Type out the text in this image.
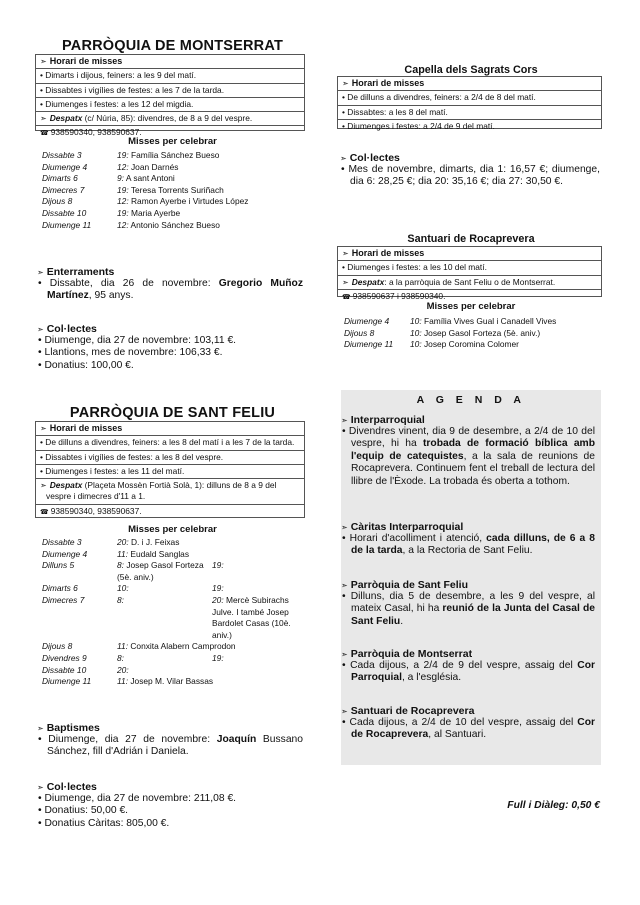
PARRÒQUIA DE MONTSERRAT
➣ Horari de misses
• Dimarts i dijous, feiners: a les 9 del matí.
• Dissabtes i vigílies de festes: a les 7 de la tarda.
• Diumenges i festes: a les 12 del migdia.
➣ Despatx (c/ Núria, 85): divendres, de 8 a 9 del vespre.
☎ 938590340, 938590637.
Misses per celebrar
Dissabte 3	19: Família Sánchez Bueso
Diumenge 4	12: Joan Darnés
Dimarts 6	9: A sant Antoni
Dimecres 7	19: Teresa Torrents Suriñach
Dijous 8	12: Ramon Ayerbe i Virtudes López
Dissabte 10	19: Maria Ayerbe
Diumenge 11	12: Antonio Sánchez Bueso
➣ Enterraments
• Dissabte, dia 26 de novembre: Gregorio Muñoz Martínez, 95 anys.
➣ Col·lectes
• Diumenge, dia 27 de novembre: 103,11 €.
• Llantions, mes de novembre: 106,33 €.
• Donatius: 100,00 €.
Capella dels Sagrats Cors
➣ Horari de misses
• De dilluns a divendres, feiners: a 2/4 de 8 del matí.
• Dissabtes: a les 8 del matí.
• Diumenges i festes: a 2/4 de 9 del matí.
➣ Col·lectes
• Mes de novembre, dimarts, dia 1: 16,57 €; diumenge, dia 6: 28,25 €; dia 20: 35,16 €; dia 27: 30,50 €.
Santuari de Rocaprevera
➣ Horari de misses
• Diumenges i festes: a les 10 del matí.
➣ Despatx: a la parròquia de Sant Feliu o de Montserrat.
☎ 938590637 i 938590340.
Misses per celebrar
Diumenge 4	10: Família Vives Gual i Canadell Vives
Dijous 8	10: Josep Gasol Forteza (5è. aniv.)
Diumenge 11	10: Josep Coromina Colomer
PARRÒQUIA DE SANT FELIU
➣ Horari de misses
• De dilluns a divendres, feiners: a les 8 del matí i a les 7 de la tarda.
• Dissabtes i vigílies de festes: a les 8 del vespre.
• Diumenges i festes: a les 11 del matí.
➣ Despatx (Plaçeta Mossèn Fortià Solà, 1): dilluns de 8 a 9 del vespre i dimecres d'11 a 1.
☎ 938590340, 938590637.
Misses per celebrar
Dissabte 3	20: D. i J. Feixas	
Diumenge 4	11: Eudald Sanglas	
Dilluns 5	8: Josep Gasol Forteza (5è. aniv.)	19:
Dimarts 6	10:	19:
Dimecres 7	8:	20: Mercè Subirachs Julve. I també Josep Bardolet Casas (10è. aniv.)
Dijous 8	11: Conxita Alabern Camprodon	
Divendres 9	8:	19:
Dissabte 10	20:	
Diumenge 11	11: Josep M. Vilar Bassas	
➣ Baptismes
• Diumenge, dia 27 de novembre: Joaquín Bussano Sánchez, fill d'Adrián i Daniela.
➣ Col·lectes
• Diumenge, dia 27 de novembre: 211,08 €.
• Donatius: 50,00 €.
• Donatius Càritas: 805,00 €.
A G E N D A
➣ Interparroquial
• Divendres vinent, dia 9 de desembre, a 2/4 de 10 del vespre, hi ha trobada de formació bíblica amb l'equip de catequistes, a la sala de reunions de Rocaprevera. Continuem fent el treball de lectura del llibre de l'Èxode. La trobada és oberta a tothom.
➣ Càritas Interparroquial
• Horari d'acolliment i atenció, cada dilluns, de 6 a 8 de la tarda, a la Rectoria de Sant Feliu.
➣ Parròquia de Sant Feliu
• Dilluns, dia 5 de desembre, a les 9 del vespre, al mateix Casal, hi ha reunió de la Junta del Casal de Sant Feliu.
➣ Parròquia de Montserrat
• Cada dijous, a 2/4 de 9 del vespre, assaig del Cor Parroquial, a l'església.
➣ Santuari de Rocaprevera
• Cada dijous, a 2/4 de 10 del vespre, assaig del Cor de Rocaprevera, al Santuari.
Full i Diàleg: 0,50 €
